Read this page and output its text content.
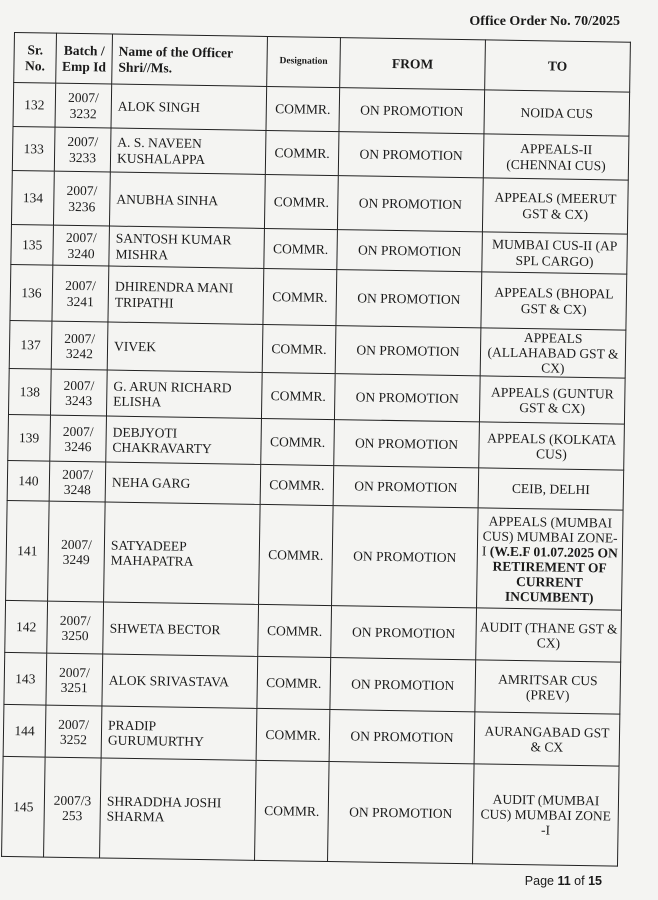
Office Order No. 70/2025
Sr. No.	Batch / Emp Id	Name of the Officer Shri//Ms.	Designation	FROM	TO
132	2007/ 3232	ALOK SINGH	COMMR.	ON PROMOTION	NOIDA CUS
133	2007/ 3233	A. S. NAVEEN KUSHALAPPA	COMMR.	ON PROMOTION	APPEALS-II (CHENNAI CUS)
134	2007/ 3236	ANUBHA SINHA	COMMR.	ON PROMOTION	APPEALS (MEERUT GST & CX)
135	2007/ 3240	SANTOSH KUMAR MISHRA	COMMR.	ON PROMOTION	MUMBAI CUS-II (AP SPL CARGO)
136	2007/ 3241	DHIRENDRA MANI TRIPATHI	COMMR.	ON PROMOTION	APPEALS (BHOPAL GST & CX)
137	2007/ 3242	VIVEK	COMMR.	ON PROMOTION	APPEALS (ALLAHABAD GST & CX)
138	2007/ 3243	G. ARUN RICHARD ELISHA	COMMR.	ON PROMOTION	APPEALS (GUNTUR GST & CX)
139	2007/ 3246	DEBJYOTI CHAKRAVARTY	COMMR.	ON PROMOTION	APPEALS (KOLKATA CUS)
140	2007/ 3248	NEHA GARG	COMMR.	ON PROMOTION	CEIB, DELHI
141	2007/ 3249	SATYADEEP MAHAPATRA	COMMR.	ON PROMOTION	APPEALS (MUMBAI CUS) MUMBAI ZONE-I (W.E.F 01.07.2025 ON RETIREMENT OF CURRENT INCUMBENT)
142	2007/ 3250	SHWETA BECTOR	COMMR.	ON PROMOTION	AUDIT (THANE GST & CX)
143	2007/ 3251	ALOK SRIVASTAVA	COMMR.	ON PROMOTION	AMRITSAR CUS (PREV)
144	2007/ 3252	PRADIP GURUMURTHY	COMMR.	ON PROMOTION	AURANGABAD GST & CX
145	2007/3 253	SHRADDHA JOSHI SHARMA	COMMR.	ON PROMOTION	AUDIT (MUMBAI CUS) MUMBAI ZONE -I
Page 11 of 15
